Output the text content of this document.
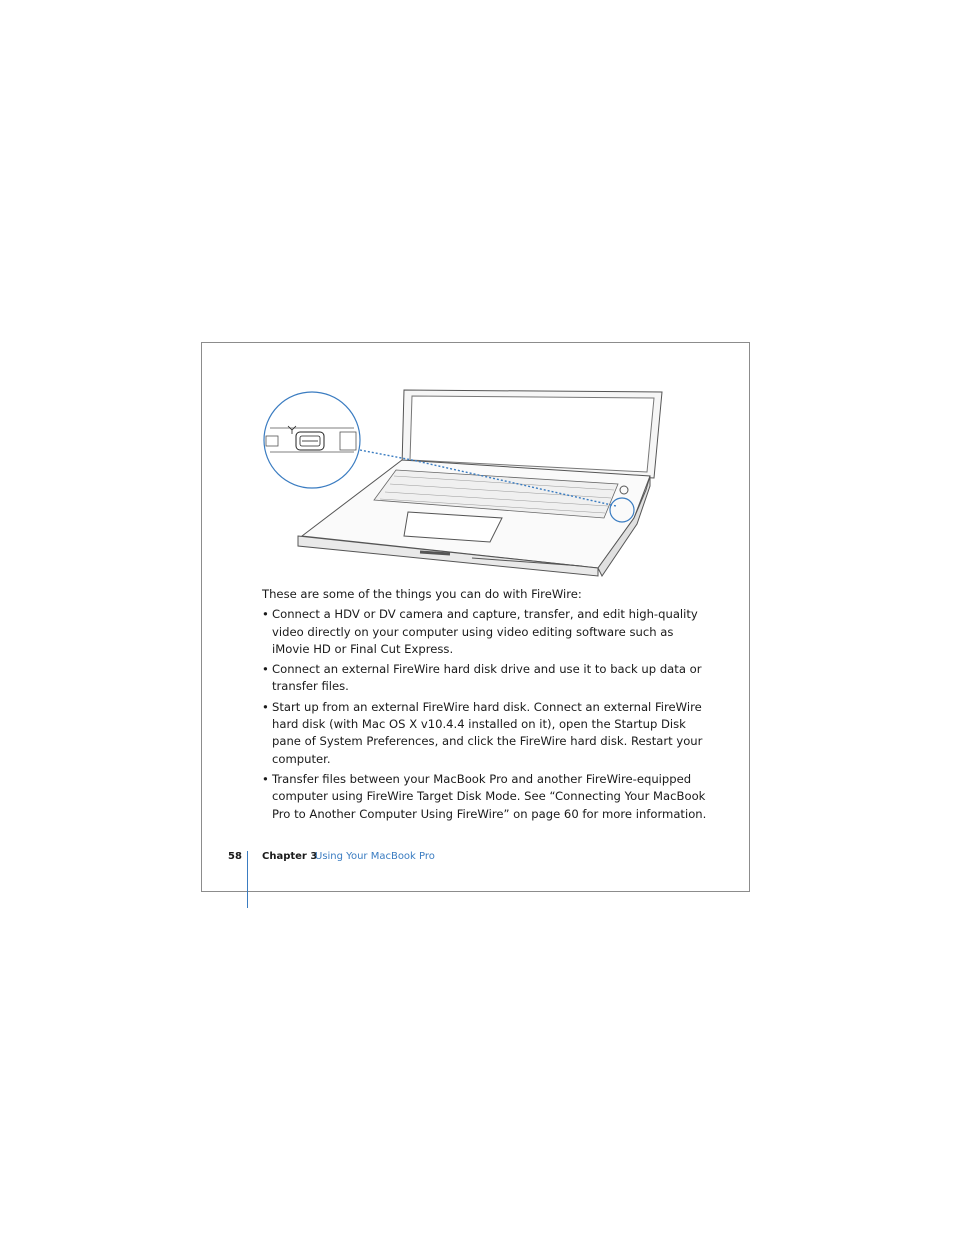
These are some of the things you can do with FireWire:

• Connect a HDV or DV camera and capture, transfer, and edit high-quality video directly on your computer using video editing software such as iMovie HD or Final Cut Express.
• Connect an external FireWire hard disk drive and use it to back up data or transfer files.
• Start up from an external FireWire hard disk. Connect an external FireWire hard disk (with Mac OS X v10.4.4 installed on it), open the Startup Disk pane of System Preferences, and click the FireWire hard disk. Restart your computer.
• Transfer files between your MacBook Pro and another FireWire-equipped computer using FireWire Target Disk Mode. See “Connecting Your MacBook Pro to Another Computer Using FireWire” on page 60 for more information.
58 Chapter 3
Using Your MacBook Pro
